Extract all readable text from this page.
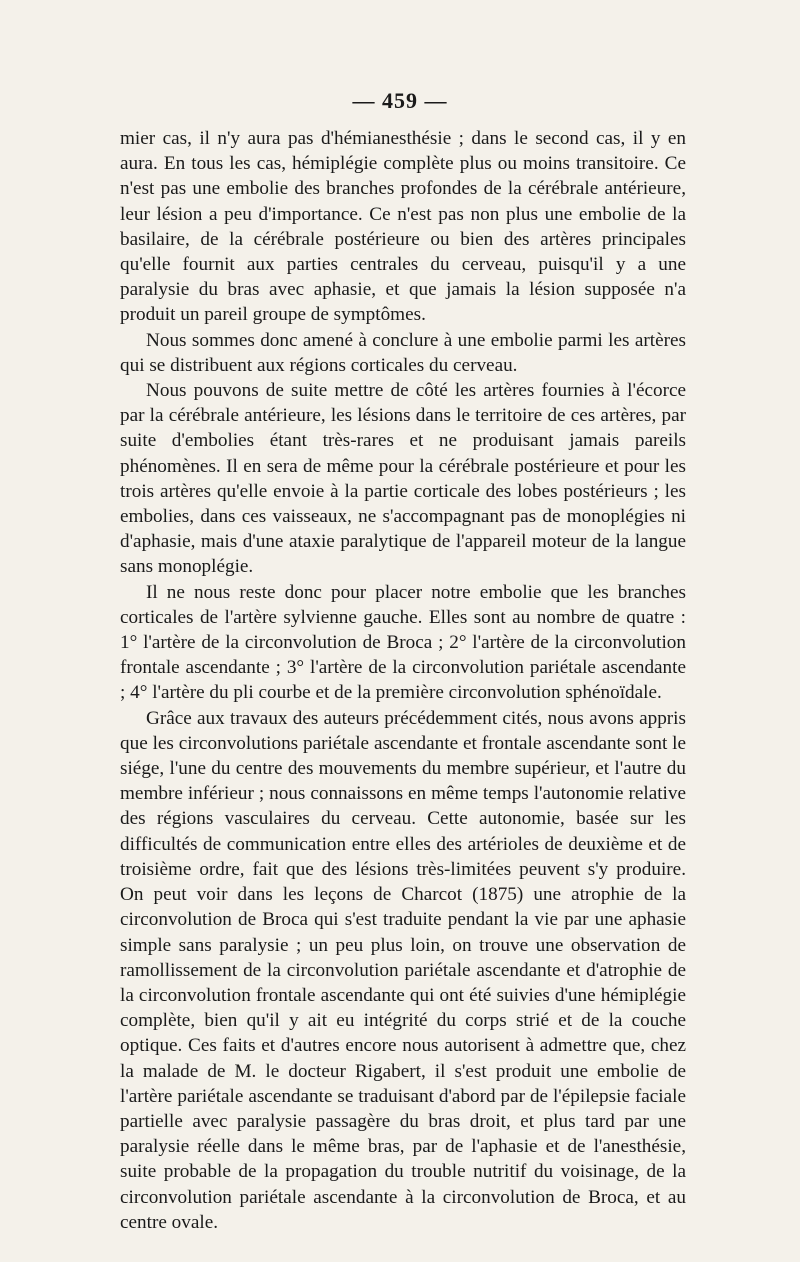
— 459 —

mier cas, il n'y aura pas d'hémianesthésie ; dans le second cas, il y en aura. En tous les cas, hémiplégie complète plus ou moins transitoire. Ce n'est pas une embolie des branches profondes de la cérébrale antérieure, leur lésion a peu d'importance. Ce n'est pas non plus une embolie de la basilaire, de la cérébrale postérieure ou bien des artères principales qu'elle fournit aux parties centrales du cerveau, puisqu'il y a une paralysie du bras avec aphasie, et que jamais la lésion supposée n'a produit un pareil groupe de symptômes.

Nous sommes donc amené à conclure à une embolie parmi les artères qui se distribuent aux régions corticales du cerveau.

Nous pouvons de suite mettre de côté les artères fournies à l'écorce par la cérébrale antérieure, les lésions dans le territoire de ces artères, par suite d'embolies étant très-rares et ne produisant jamais pareils phénomènes. Il en sera de même pour la cérébrale postérieure et pour les trois artères qu'elle envoie à la partie corticale des lobes postérieurs ; les embolies, dans ces vaisseaux, ne s'accompagnant pas de monoplégies ni d'aphasie, mais d'une ataxie paralytique de l'appareil moteur de la langue sans monoplégie.

Il ne nous reste donc pour placer notre embolie que les branches corticales de l'artère sylvienne gauche. Elles sont au nombre de quatre : 1° l'artère de la circonvolution de Broca ; 2° l'artère de la circonvolution frontale ascendante ; 3° l'artère de la circonvolution pariétale ascendante ; 4° l'artère du pli courbe et de la première circonvolution sphénoïdale.

Grâce aux travaux des auteurs précédemment cités, nous avons appris que les circonvolutions pariétale ascendante et frontale ascendante sont le siége, l'une du centre des mouvements du membre supérieur, et l'autre du membre inférieur ; nous connaissons en même temps l'autonomie relative des régions vasculaires du cerveau. Cette autonomie, basée sur les difficultés de communication entre elles des artérioles de deuxième et de troisième ordre, fait que des lésions très-limitées peuvent s'y produire. On peut voir dans les leçons de Charcot (1875) une atrophie de la circonvolution de Broca qui s'est traduite pendant la vie par une aphasie simple sans paralysie ; un peu plus loin, on trouve une observation de ramollissement de la circonvolution pariétale ascendante et d'atrophie de la circonvolution frontale ascendante qui ont été suivies d'une hémiplégie complète, bien qu'il y ait eu intégrité du corps strié et de la couche optique. Ces faits et d'autres encore nous autorisent à admettre que, chez la malade de M. le docteur Rigabert, il s'est produit une embolie de l'artère pariétale ascendante se traduisant d'abord par de l'épilepsie faciale partielle avec paralysie passagère du bras droit, et plus tard par une paralysie réelle dans le même bras, par de l'aphasie et de l'anesthésie, suite probable de la propagation du trouble nutritif du voisinage, de la circonvolution pariétale ascendante à la circonvolution de Broca, et au centre ovale.
